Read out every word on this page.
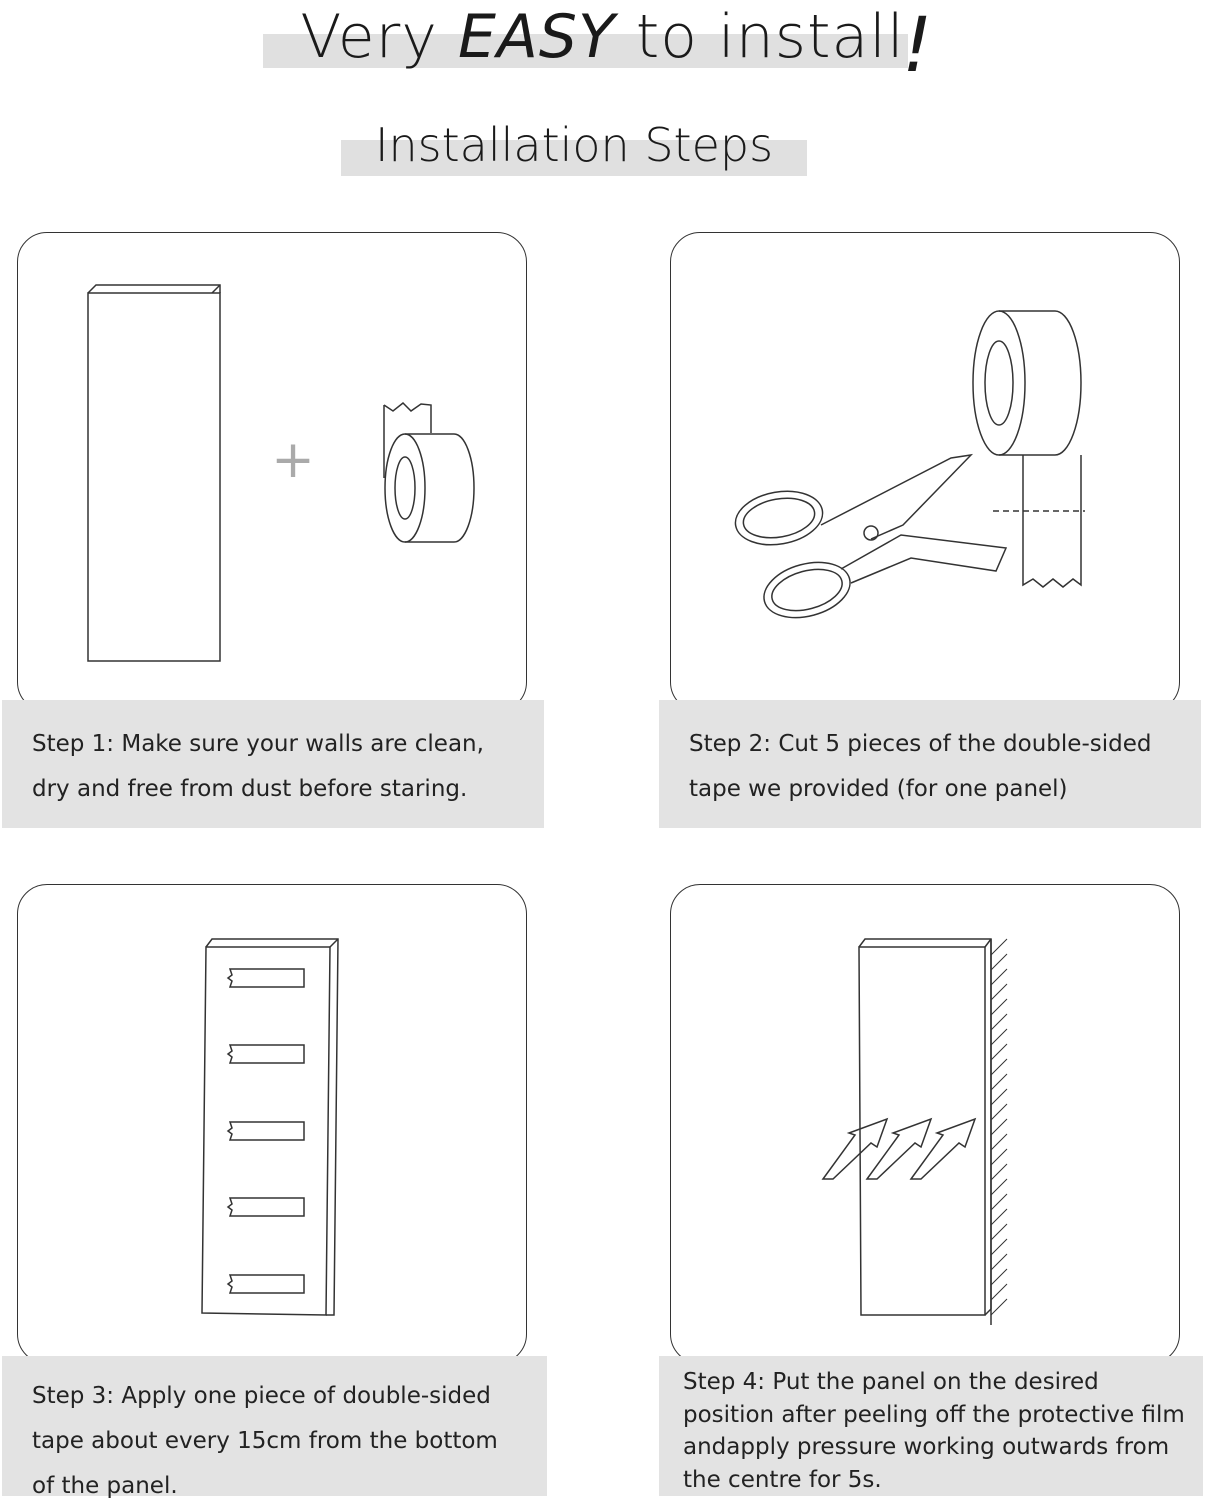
Very EASY to install
!
Installation Steps
+
Step 1: Make sure your walls are clean,
dry and free from dust before staring.
Step 2: Cut 5 pieces of the double-sided
tape we provided (for one panel)
Step 3: Apply one piece of double-sided
tape about every 15cm from the bottom
of the panel.
Step 4: Put the panel on the desired
position after peeling off the protective film
andapply pressure working outwards from
the centre for 5s.
